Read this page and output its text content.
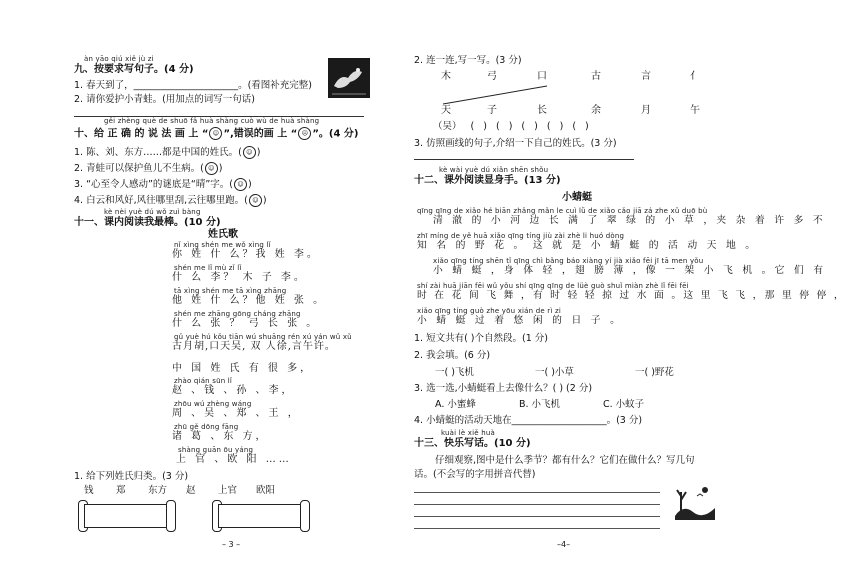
àn yāo qiú xiě jù zi
九、按要求写句子。(4 分)
1. 春天到了，______________________。(看图补充完整)
2. 请你爱护小青蛙。(用加点的词写一句话)
gěi zhèng què de shuō fǎ huà shàng cuò wù de huà shàng
十、给 正 确 的 说 法 画 上 “ ☺ ”,错误的画 上 “ ☹ ”。(4 分)
1. 陈、刘、东方……都是中国的姓氏。( ☺ )
2. 青蛙可以保护鱼儿不生病。( ☺ )
3. “心至令人感动”的谜底是“晴”字。( ☺ )
4. 白云和风好,风往哪里刮,云往哪里跑。( ☺ )
kè nèi yuè dú wǒ zuì bàng
十一、课内阅读我最棒。(10 分)
姓氏歌
nǐ xìng shén me wǒ xìng lǐ
你 姓 什 么？我 姓 李。
shén me lǐ mù zǐ lǐ
什 么 李？ 木 子 李。
tā xìng shén me tā xìng zhāng
他 姓 什 么？他 姓 张 。
shén me zhāng gōng cháng zhāng
什 么 张 ？ 弓 长 张 。
gǔ yuè hú kǒu tiān wú shuāng rén xú yán wǔ xǔ
古月胡,口天吴, 双 人徐,言午许。
中 国 姓 氏 有 很 多，
zhào qián sūn lǐ
赵 、钱 、孙 、李，
zhōu wú zhèng wáng
周 、吴 、郑 、王 ，
zhū gě dōng fāng
诸 葛 、东 方，
shàng guān ōu yáng
上 官 、欧 阳 ……
1. 给下列姓氏归类。(3 分)
钱 郑 东方 赵 上官 欧阳
– 3 –
2. 连一连,写一写。(3 分)
木	弓	口	古	言	亻
天	子	长	余	月	午
（吴） ( ) ( ) ( ) ( ) ( )
3. 仿照画线的句子,介绍一下自己的姓氏。(3 分)
kè wài yuè dú xiǎn shēn shǒu
十二、课外阅读显身手。(13 分)
小蜻蜓
qīng qīng de xiǎo hé biān zhǎng mǎn le cuì lǜ de xiǎo cǎo jiā zá zhe xǔ duō bù
清 澈 的 小 河 边 长 满 了 翠 绿 的 小 草 ，夹 杂 着 许 多 不
zhī míng de yě huā xiǎo qīng tíng jiù zài zhè li huó dòng
知 名 的 野 花 。 这 就 是 小 蜻 蜓 的 活 动 天 地 。
xiǎo qīng tíng shēn tǐ qīng chì bǎng báo xiàng yí jià xiǎo fēi jī tā men yǒu
小 蜻 蜓 ，身 体 轻 ，翅 膀 薄 ，像 一 架 小 飞 机 。它 们 有
shí zài huā jiān fēi wǔ yǒu shí qīng qīng de lüè guò shuǐ miàn zhè lǐ fēi fēi
时 在 花 间 飞 舞 ，有 时 轻 轻 掠 过 水 面 。这 里 飞 飞 ，那 里 停 停 ，
xiǎo qīng tíng guò zhe yōu xián de rì zi
小 蜻 蜓 过 着 悠 闲 的 日 子 。
1. 短文共有( )个自然段。(1 分)
2. 我会填。(6 分)
一( )飞机	一( )小草	一( )野花
3. 选一选,小蜻蜓看上去像什么？( ) (2 分)
A. 小蜜蜂	B. 小飞机	C. 小蚊子
4. 小蜻蜓的活动天地在____________________。(3 分)
kuài lè xiě huà
十三、快乐写话。(10 分)
仔细观察,图中是什么季节？都有什么？它们在做什么？写几句
话。(不会写的字用拼音代替)
–4–
